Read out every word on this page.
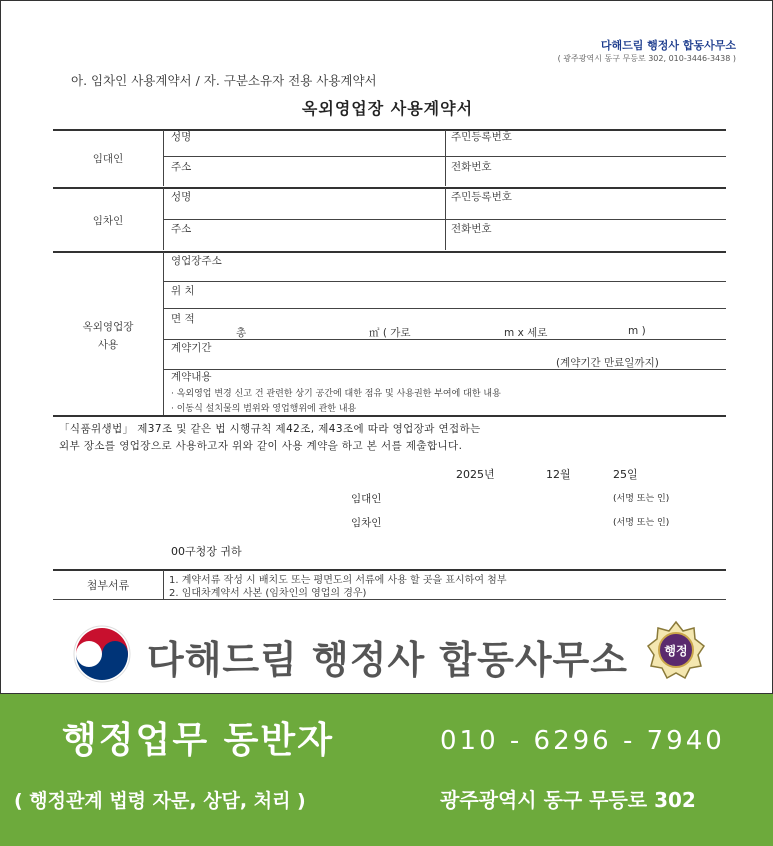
다해드림 행정사 합동사무소
( 광주광역시 동구 무등로 302, 010-3446-3438 )
아. 임차인 사용계약서 / 자. 구분소유자 전용 사용계약서
옥외영업장 사용계약서
임대인
성명	주민등록번호
주소	전화번호
임차인
성명	주민등록번호
주소	전화번호
옥외영업장
사용
영업장주소
위 치
면 적
총	㎡ ( 가로	m x 세로	m )
계약기간
(계약기간 만료일까지)
계약내용
· 옥외영업 변경 신고 건 관련한 상기 공간에 대한 점유 및 사용권한 부여에 대한 내용
· 이동식 설치물의 범위와 영업행위에 관한 내용
「식품위생법」 제37조 및 같은 법 시행규칙 제42조, 제43조에 따라 영업장과 연접하는
외부 장소를 영업장으로 사용하고자 위와 같이 사용 계약을 하고 본 서를 제출합니다.
2025년	12월	25일
임대인	(서명 또는 인)
임차인	(서명 또는 인)
00구청장 귀하
첨부서류	1. 계약서류 작성 시 배치도 또는 평면도의 서류에 사용 할 곳을 표시하여 첨부
2. 임대차계약서 사본 (임차인의 영업의 경우)
다해드림 행정사 합동사무소	행정
행정업무 동반자	010 - 6296 - 7940
( 행정관계 법령 자문, 상담, 처리 )	광주광역시 동구 무등로 302
